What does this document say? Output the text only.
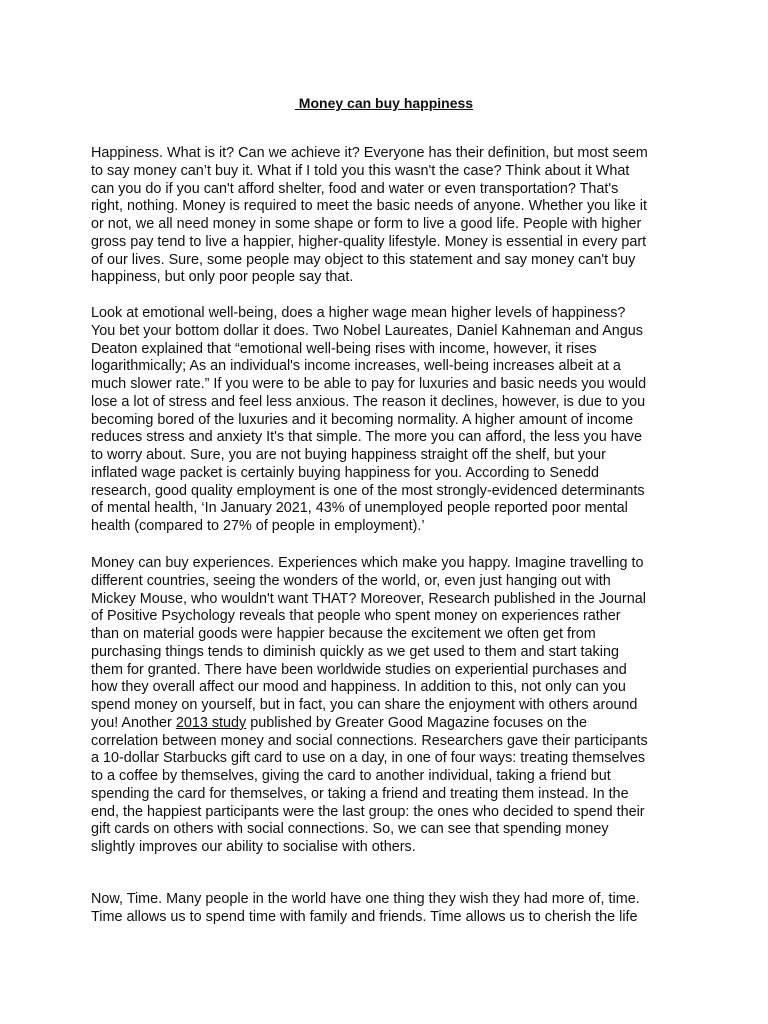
Money can buy happiness
Happiness. What is it? Can we achieve it? Everyone has their definition, but most seem
to say money can’t buy it. What if I told you this wasn't the case? Think about it What
can you do if you can't afford shelter, food and water or even transportation? That's
right, nothing. Money is required to meet the basic needs of anyone. Whether you like it
or not, we all need money in some shape or form to live a good life. People with higher
gross pay tend to live a happier, higher-quality lifestyle. Money is essential in every part
of our lives. Sure, some people may object to this statement and say money can't buy
happiness, but only poor people say that.
Look at emotional well-being, does a higher wage mean higher levels of happiness?
You bet your bottom dollar it does. Two Nobel Laureates, Daniel Kahneman and Angus
Deaton explained that “emotional well-being rises with income, however, it rises
logarithmically; As an individual's income increases, well-being increases albeit at a
much slower rate.” If you were to be able to pay for luxuries and basic needs you would
lose a lot of stress and feel less anxious. The reason it declines, however, is due to you
becoming bored of the luxuries and it becoming normality. A higher amount of income
reduces stress and anxiety It's that simple. The more you can afford, the less you have
to worry about. Sure, you are not buying happiness straight off the shelf, but your
inflated wage packet is certainly buying happiness for you. According to Senedd
research, good quality employment is one of the most strongly-evidenced determinants
of mental health, ‘In January 2021, 43% of unemployed people reported poor mental
health (compared to 27% of people in employment).’
Money can buy experiences. Experiences which make you happy. Imagine travelling to
different countries, seeing the wonders of the world, or, even just hanging out with
Mickey Mouse, who wouldn't want THAT? Moreover, Research published in the Journal
of Positive Psychology reveals that people who spent money on experiences rather
than on material goods were happier because the excitement we often get from
purchasing things tends to diminish quickly as we get used to them and start taking
them for granted. There have been worldwide studies on experiential purchases and
how they overall affect our mood and happiness. In addition to this, not only can you
spend money on yourself, but in fact, you can share the enjoyment with others around
you! Another 2013 study published by Greater Good Magazine focuses on the
correlation between money and social connections. Researchers gave their participants
a 10-dollar Starbucks gift card to use on a day, in one of four ways: treating themselves
to a coffee by themselves, giving the card to another individual, taking a friend but
spending the card for themselves, or taking a friend and treating them instead. In the
end, the happiest participants were the last group: the ones who decided to spend their
gift cards on others with social connections. So, we can see that spending money
slightly improves our ability to socialise with others.
Now, Time. Many people in the world have one thing they wish they had more of, time.
Time allows us to spend time with family and friends. Time allows us to cherish the life
